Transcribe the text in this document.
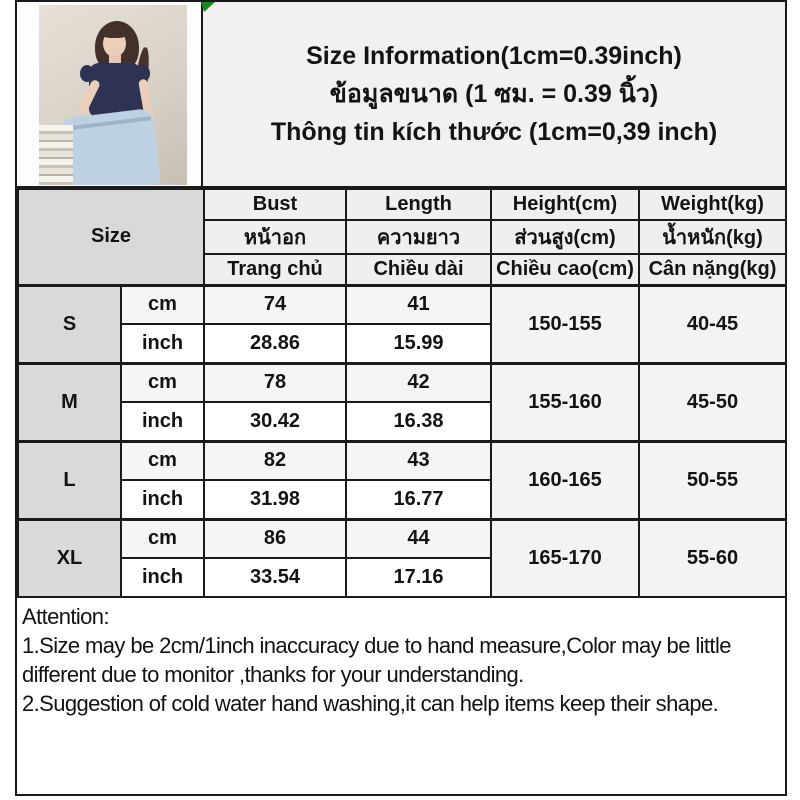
Size Information(1cm=0.39inch)
ข้อมูลขนาด (1 ซม. = 0.39 นิ้ว)
Thông tin kích thước (1cm=0,39 inch)
Size		Bust	Length	Height(cm)	Weight(kg)
		หน้าอก	ความยาว	ส่วนสูง(cm)	น้ำหนัก(kg)
		Trang chủ	Chiều dài	Chiều cao(cm)	Cân nặng(kg)
S	cm	74	41	150-155	40-45
	inch	28.86	15.99		
M	cm	78	42	155-160	45-50
	inch	30.42	16.38		
L	cm	82	43	160-165	50-55
	inch	31.98	16.77		
XL	cm	86	44	165-170	55-60
	inch	33.54	17.16		
Attention:
1.Size may be 2cm/1inch inaccuracy due to hand measure,Color may be little different due to monitor ,thanks for your understanding.
2.Suggestion of cold water hand washing,it can help items keep their shape.
